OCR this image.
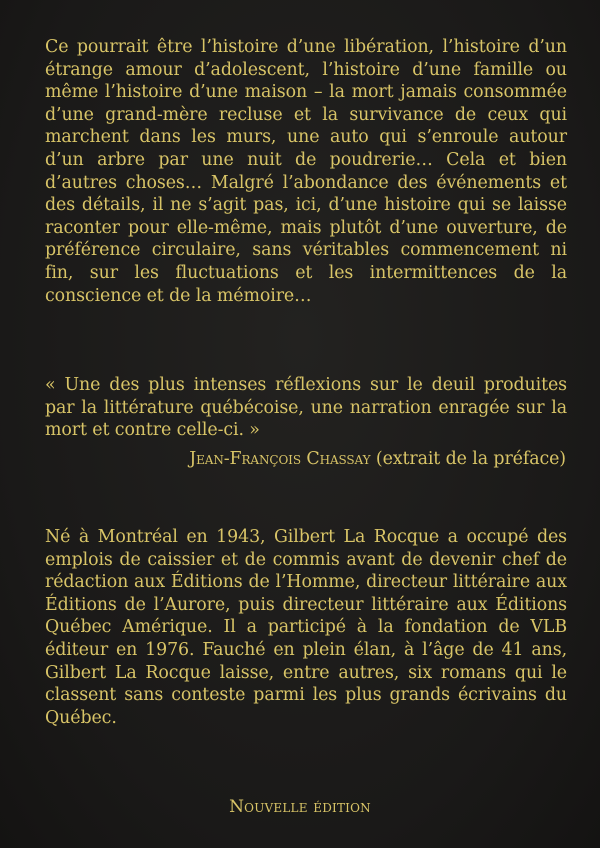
Ce pourrait être l’histoire d’une libération, l’histoire d’un étrange amour d’adolescent, l’histoire d’une famille ou même l’histoire d’une maison – la mort jamais consommée d’une grand-mère recluse et la survivance de ceux qui marchent dans les murs, une auto qui s’enroule autour d’un arbre par une nuit de poudrerie… Cela et bien d’autres choses… Malgré l’abondance des événements et des détails, il ne s’agit pas, ici, d’une histoire qui se laisse raconter pour elle-même, mais plutôt d’une ouverture, de préférence circulaire, sans véritables commencement ni fin, sur les fluctuations et les intermittences de la conscience et de la mémoire…

« Une des plus intenses réflexions sur le deuil produites par la littérature québécoise, une narration enragée sur la mort et contre celle-ci. »

Jean-François Chassay (extrait de la préface)

Né à Montréal en 1943, Gilbert La Rocque a occupé des emplois de caissier et de commis avant de devenir chef de rédaction aux Éditions de l’Homme, directeur littéraire aux Éditions de l’Aurore, puis directeur littéraire aux Éditions Québec Amérique. Il a participé à la fondation de VLB éditeur en 1976. Fauché en plein élan, à l’âge de 41 ans, Gilbert La Rocque laisse, entre autres, six romans qui le classent sans conteste parmi les plus grands écrivains du Québec.

Nouvelle édition
